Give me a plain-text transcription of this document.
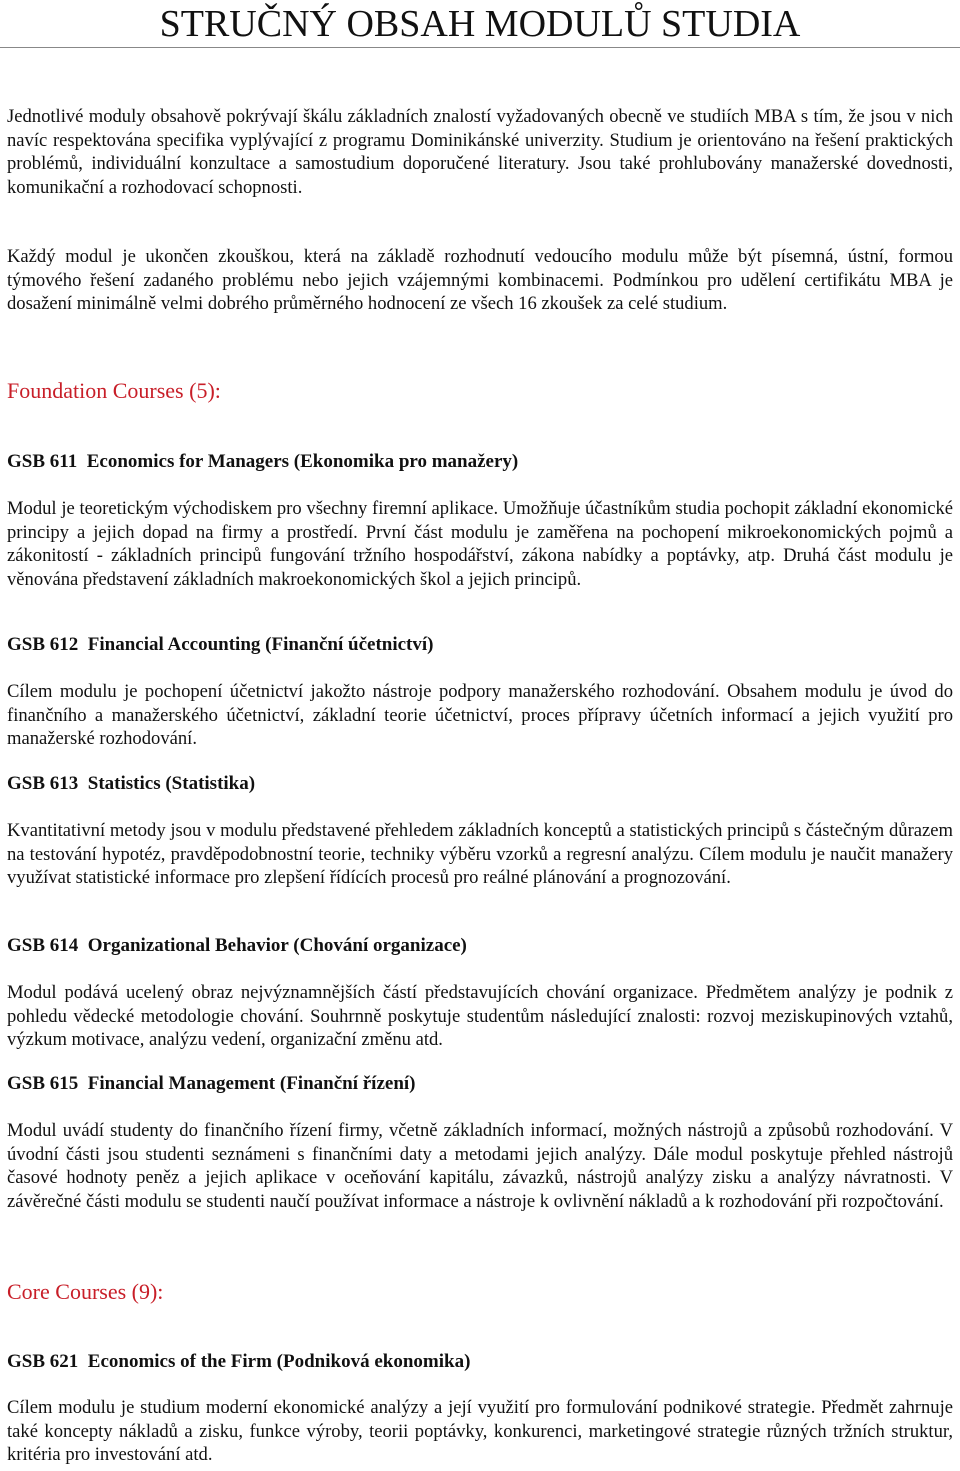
STRUČNÝ OBSAH MODULŮ STUDIA

Jednotlivé moduly obsahově pokrývají škálu základních znalostí vyžadovaných obecně ve studiích MBA s tím, že jsou v nich navíc respektována specifika vyplývající z programu Dominikánské univerzity. Studium je orientováno na řešení praktických problémů, individuální konzultace a samostudium doporučené literatury. Jsou také prohlubovány manažerské dovednosti, komunikační a rozhodovací schopnosti.

Každý modul je ukončen zkouškou, která na základě rozhodnutí vedoucího modulu může být písemná, ústní, formou týmového řešení zadaného problému nebo jejich vzájemnými kombinacemi. Podmínkou pro udělení certifikátu MBA je dosažení minimálně velmi dobrého průměrného hodnocení ze všech 16 zkoušek za celé studium.

Foundation Courses (5):
GSB 611 Economics for Managers (Ekonomika pro manažery)

Modul je teoretickým východiskem pro všechny firemní aplikace. Umožňuje účastníkům studia pochopit základní ekonomické principy a jejich dopad na firmy a prostředí. První část modulu je zaměřena na pochopení mikroekonomických pojmů a zákonitostí - základních principů fungování tržního hospodářství, zákona nabídky a poptávky, atp. Druhá část modulu je věnována představení základních makroekonomických škol a jejich principů.

GSB 612 Financial Accounting (Finanční účetnictví)

Cílem modulu je pochopení účetnictví jakožto nástroje podpory manažerského rozhodování. Obsahem modulu je úvod do finančního a manažerského účetnictví, základní teorie účetnictví, proces přípravy účetních informací a jejich využití pro manažerské rozhodování.

GSB 613 Statistics (Statistika)

Kvantitativní metody jsou v modulu představené přehledem základních konceptů a statistických principů s částečným důrazem na testování hypotéz, pravděpodobnostní teorie, techniky výběru vzorků a regresní analýzu. Cílem modulu je naučit manažery využívat statistické informace pro zlepšení řídících procesů pro reálné plánování a prognozování.

GSB 614 Organizational Behavior (Chování organizace)

Modul podává ucelený obraz nejvýznamnějších částí představujících chování organizace. Předmětem analýzy je podnik z pohledu vědecké metodologie chování. Souhrnně poskytuje studentům následující znalosti: rozvoj meziskupinových vztahů, výzkum motivace, analýzu vedení, organizační změnu atd.

GSB 615 Financial Management (Finanční řízení)

Modul uvádí studenty do finančního řízení firmy, včetně základních informací, možných nástrojů a způsobů rozhodování. V úvodní části jsou studenti seznámeni s finančními daty a metodami jejich analýzy. Dále modul poskytuje přehled nástrojů časové hodnoty peněz a jejich aplikace v oceňování kapitálu, závazků, nástrojů analýzy zisku a analýzy návratnosti. V závěrečné části modulu se studenti naučí používat informace a nástroje k ovlivnění nákladů a k rozhodování při rozpočtování.

Core Courses (9):
GSB 621 Economics of the Firm (Podniková ekonomika)

Cílem modulu je studium moderní ekonomické analýzy a její využití pro formulování podnikové strategie. Předmět zahrnuje také koncepty nákladů a zisku, funkce výroby, teorii poptávky, konkurenci, marketingové strategie různých tržních struktur, kritéria pro investování atd.
